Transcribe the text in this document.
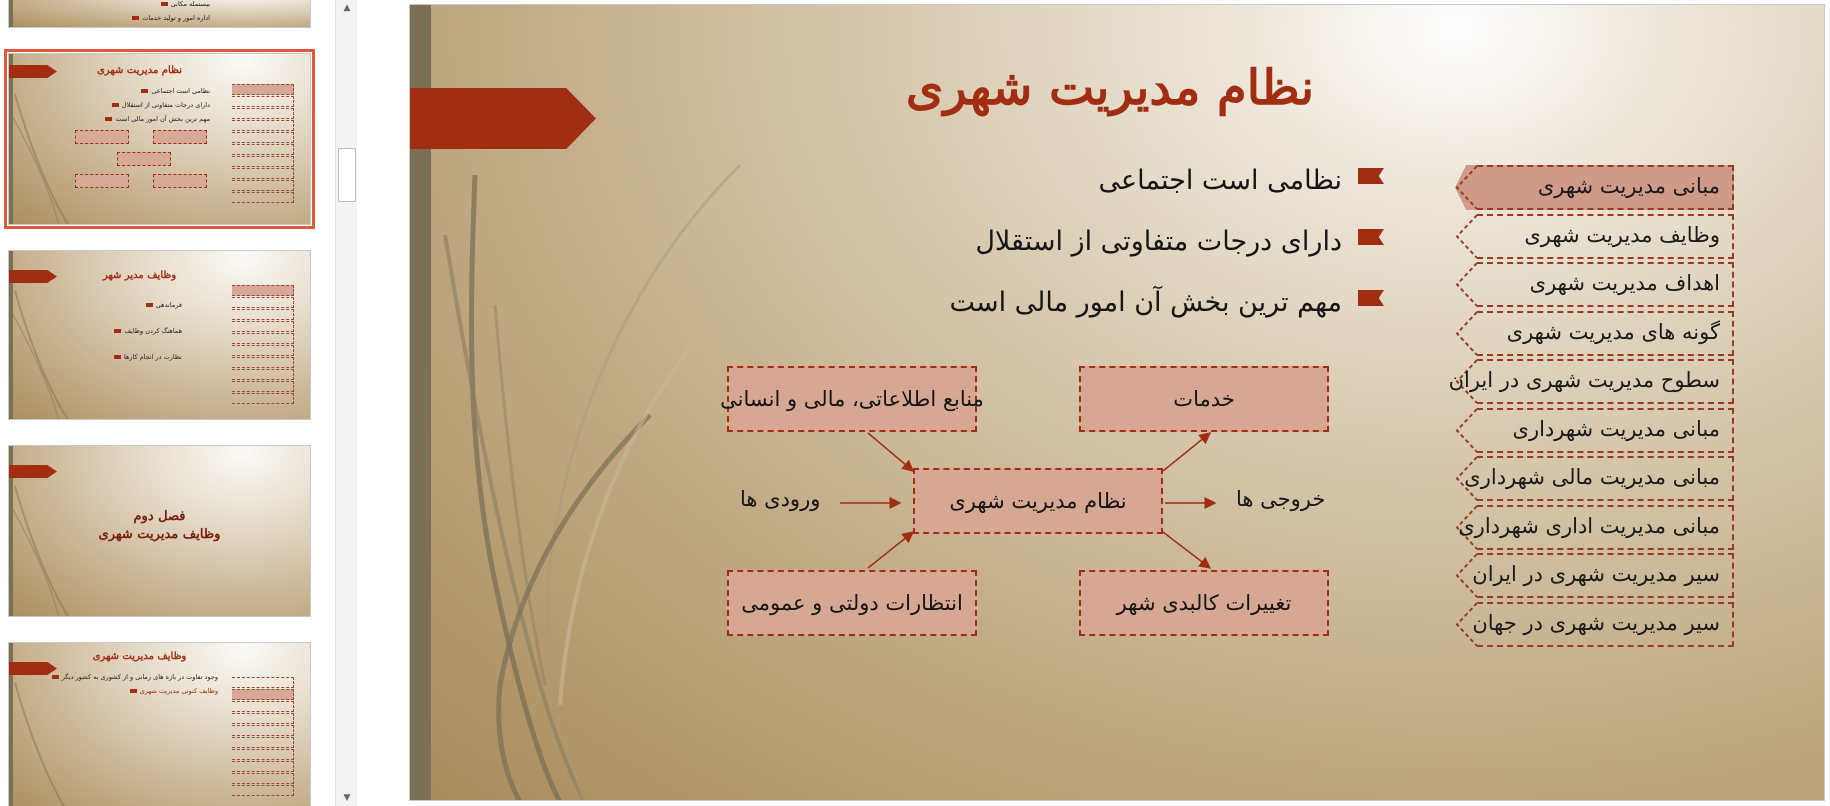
بیستمله مکانی
اداره امور و تولید خدمات
نظام مدیریت شهری
نظامی است اجتماعی
دارای درجات متفاوتی از استقلال
مهم ترین بخش آن امور مالی است
وظایف مدیر شهر
فرماندهی
هماهنگ کردن وظایف
نظارت در انجام کارها
فصل دوم
وظایف مدیریت شهری
وظایف مدیریت شهری
وجود تفاوت در بازه های زمانی و از کشوری به کشور دیگر
وظایف کنونی مدیریت شهری
▲
▼
نظام مدیریت شهری
نظامی است اجتماعی
دارای درجات متفاوتی از استقلال
مهم ترین بخش آن امور مالی است
منابع اطلاعاتی، مالی و انسانی	خدمات
نظام مدیریت شهری
ورودی ها	خروجی ها
انتظارات دولتی و عمومی	تغییرات کالبدی شهر
مبانی مدیریت شهری
وظایف مدیریت شهری
اهداف مدیریت شهری
گونه های مدیریت شهری
سطوح مدیریت شهری در ایران
مبانی مدیریت شهرداری
مبانی مدیریت مالی شهرداری
مبانی مدیریت اداری شهرداری
سیر مدیریت شهری در ایران
سیر مدیریت شهری در جهان
